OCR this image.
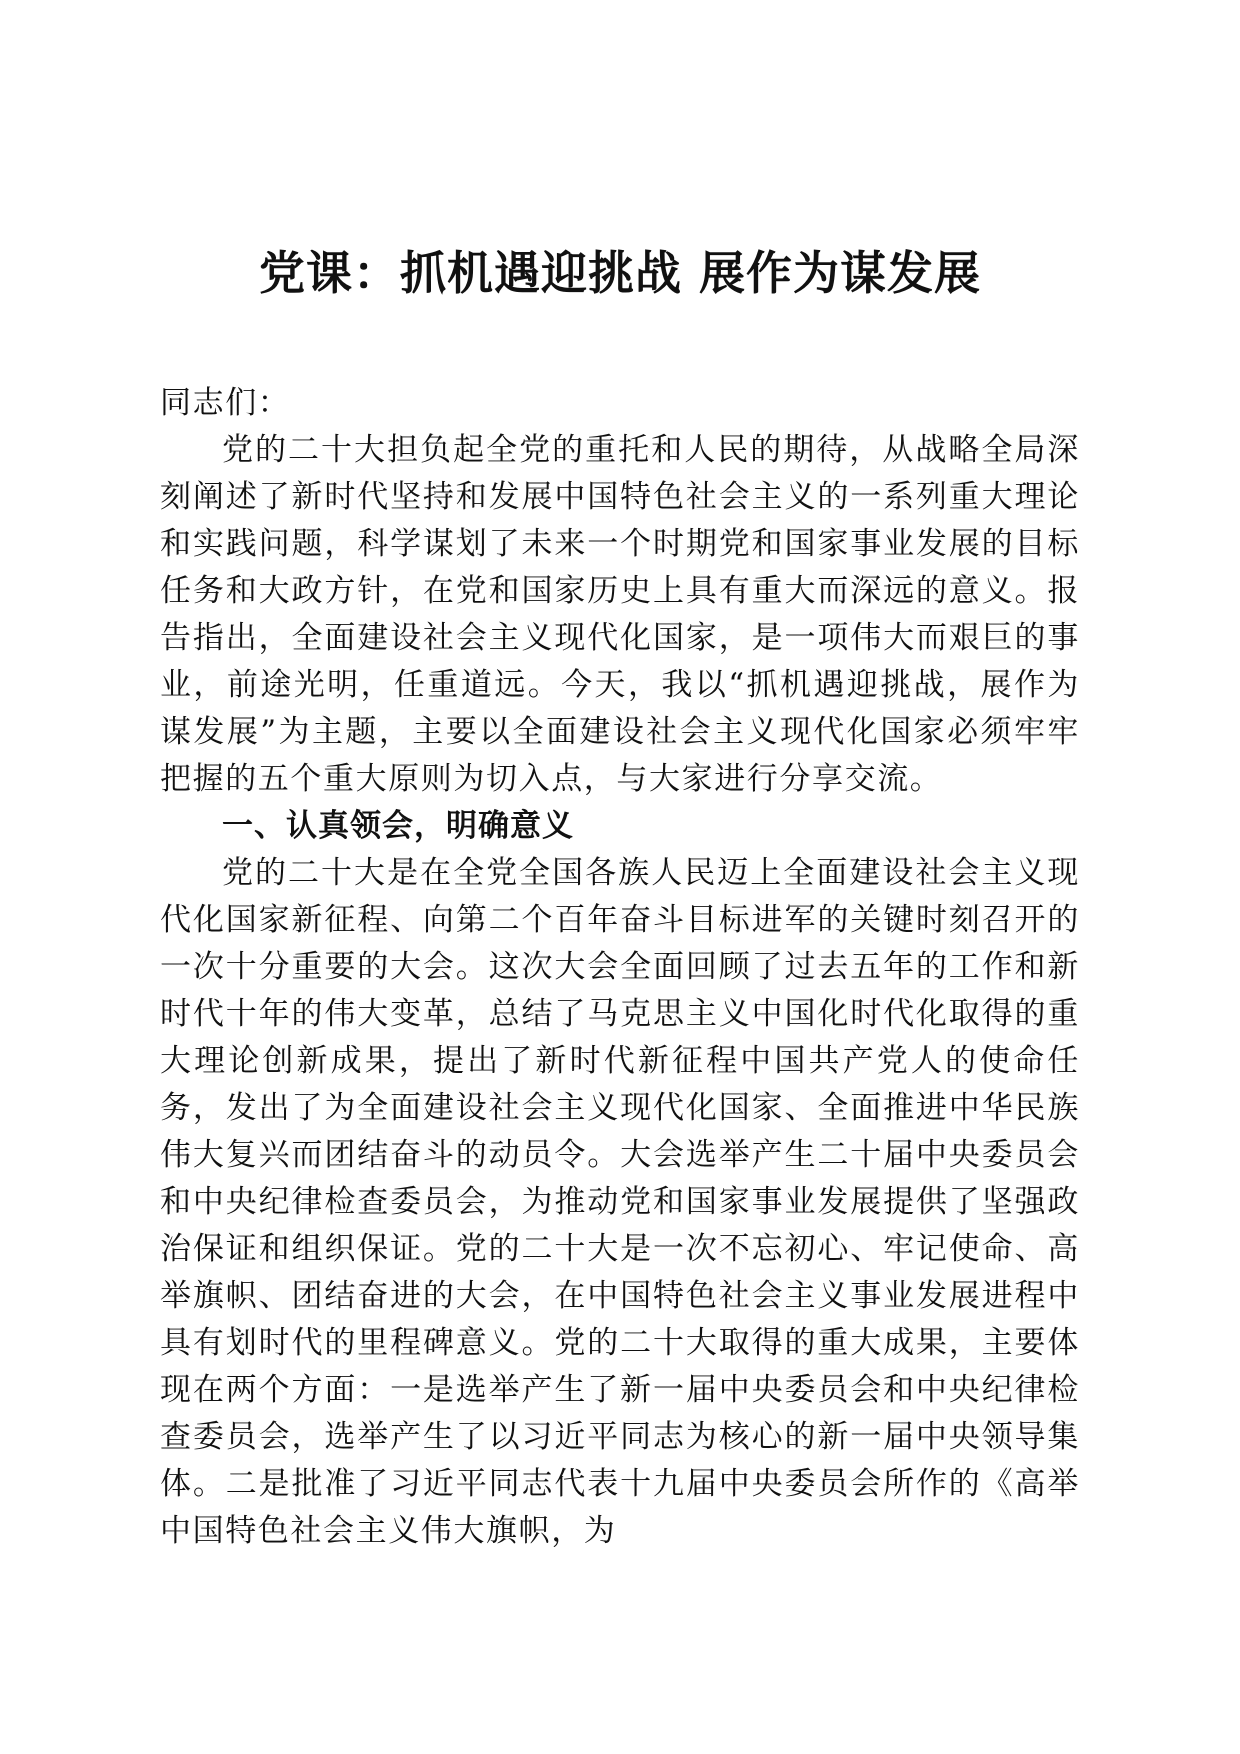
党课：抓机遇迎挑战 展作为谋发展

同志们：

党的二十大担负起全党的重托和人民的期待，从战略全局深刻阐述了新时代坚持和发展中国特色社会主义的一系列重大理论和实践问题，科学谋划了未来一个时期党和国家事业发展的目标任务和大政方针，在党和国家历史上具有重大而深远的意义。报告指出，全面建设社会主义现代化国家，是一项伟大而艰巨的事业，前途光明，任重道远。今天，我以“抓机遇迎挑战，展作为谋发展”为主题，主要以全面建设社会主义现代化国家必须牢牢把握的五个重大原则为切入点，与大家进行分享交流。

一、认真领会，明确意义

党的二十大是在全党全国各族人民迈上全面建设社会主义现代化国家新征程、向第二个百年奋斗目标进军的关键时刻召开的一次十分重要的大会。这次大会全面回顾了过去五年的工作和新时代十年的伟大变革，总结了马克思主义中国化时代化取得的重大理论创新成果，提出了新时代新征程中国共产党人的使命任务，发出了为全面建设社会主义现代化国家、全面推进中华民族伟大复兴而团结奋斗的动员令。大会选举产生二十届中央委员会和中央纪律检查委员会，为推动党和国家事业发展提供了坚强政治保证和组织保证。党的二十大是一次不忘初心、牢记使命、高举旗帜、团结奋进的大会，在中国特色社会主义事业发展进程中具有划时代的里程碑意义。党的二十大取得的重大成果，主要体现在两个方面：一是选举产生了新一届中央委员会和中央纪律检查委员会，选举产生了以习近平同志为核心的新一届中央领导集体。二是批准了习近平同志代表十九届中央委员会所作的《高举中国特色社会主义伟大旗帜，为
